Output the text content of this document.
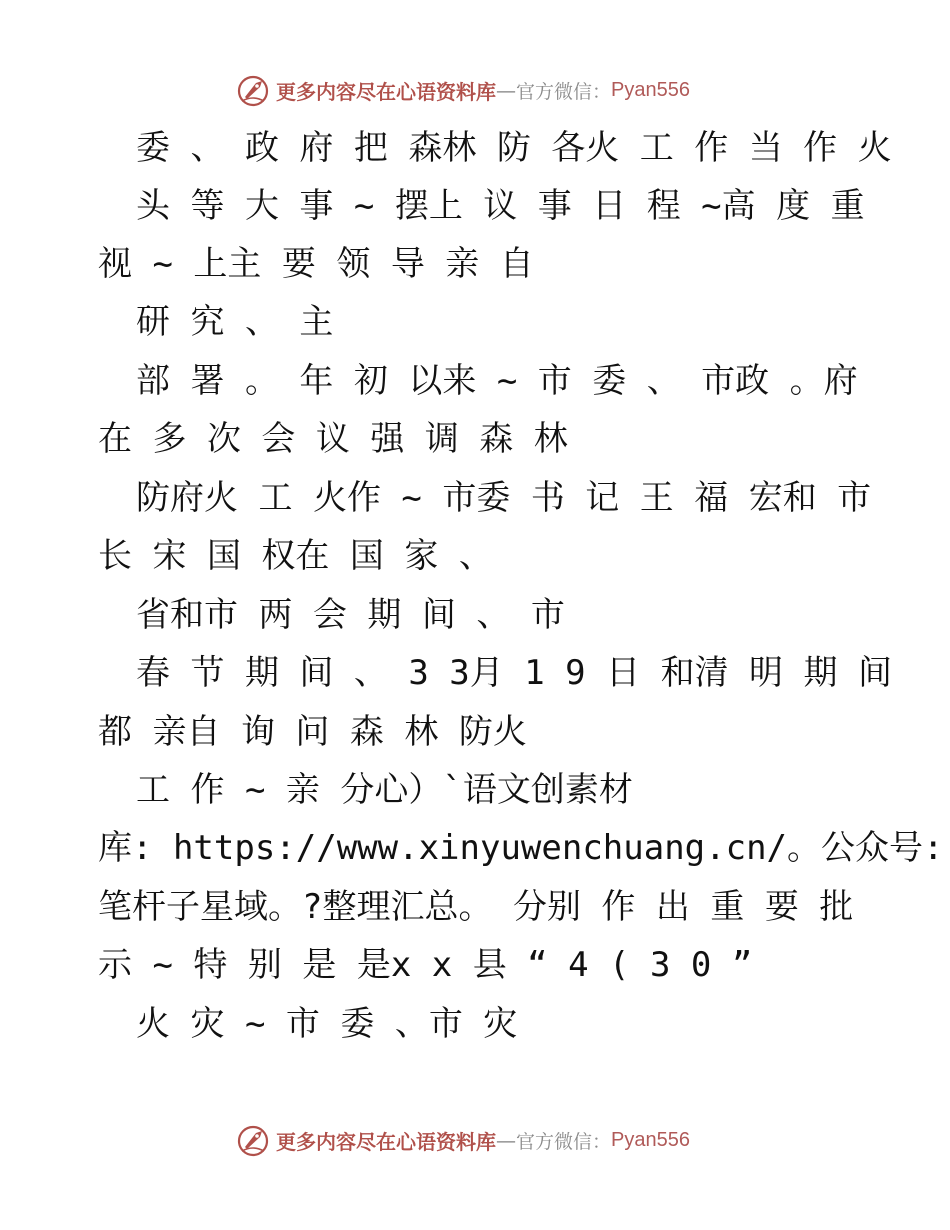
更多内容尽在心语资料库 — 官方微信： Pyan556
委 、 政 府 把 森林 防 各火 工 作 当 作 火
头 等 大 事 ~ 摆上 议 事 日 程 ~高 度 重
视 ~ 上主 要 领 导 亲 自
研 究 、 主
部 署 。 年 初 以来 ~ 市 委 、 市政 。府
在 多 次 会 议 强 调 森 林
防府火 工 火作 ~ 市委 书 记 王 福 宏和 市
长 宋 国 权在 国 家 、
省和市 两 会 期 间 、 市
春 节 期 间 、 3 3月 1 9 日 和清 明 期 间
都 亲自 询 问 森 林 防火
工 作 ~ 亲 分心）`语文创素材
库: https://www.xinyuwenchuang.cn/。公众号:
笔杆子星域。?整理汇总。 分别 作 出 重 要 批
示 ~ 特 别 是 是x x 县 “ 4 ( 3 0 ”
火 灾 ~ 市 委 、市 灾
更多内容尽在心语资料库 — 官方微信： Pyan556
